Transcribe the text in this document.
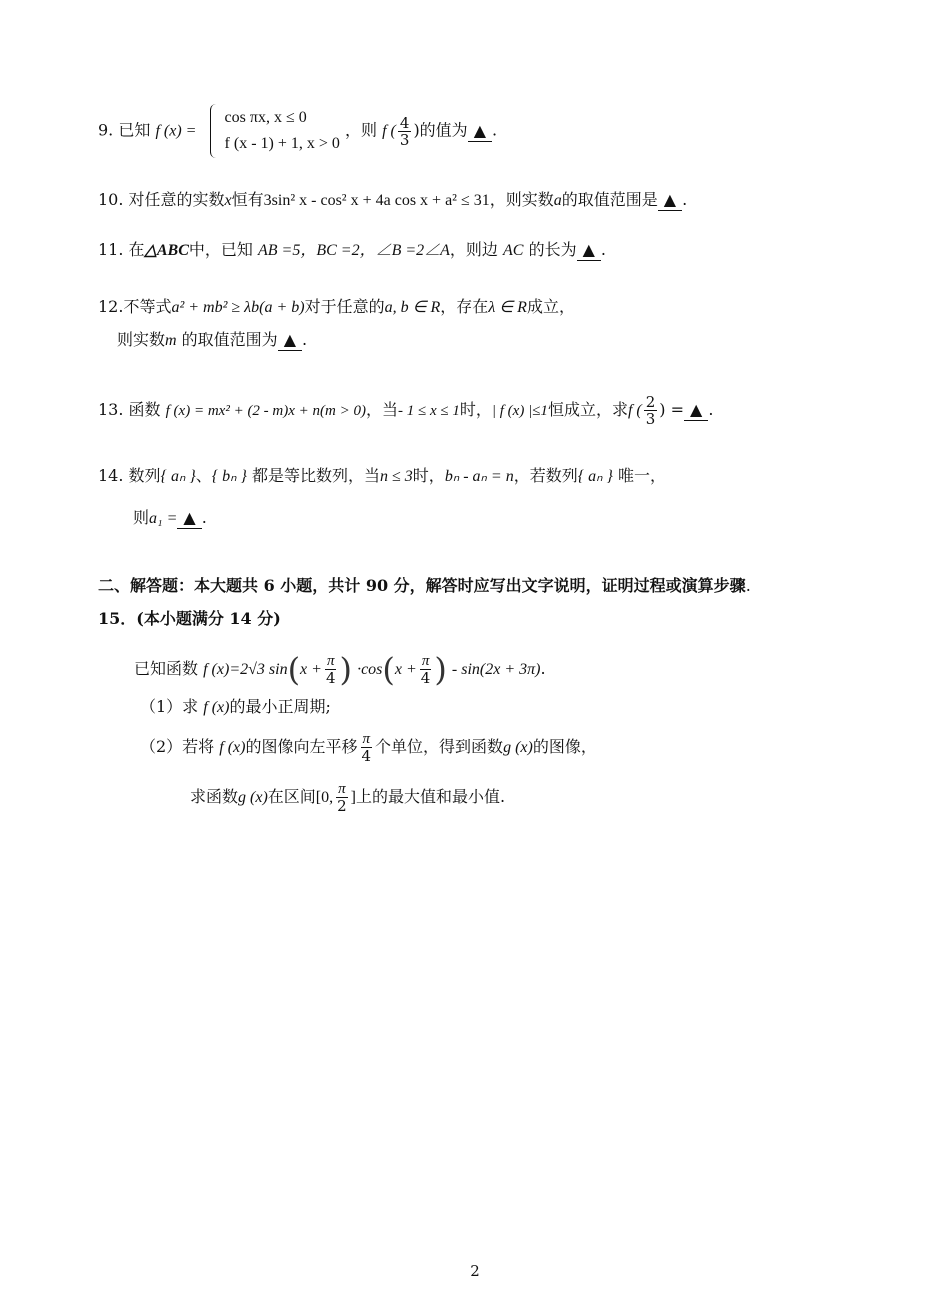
9. 已知 f (x) =
cos πx, x ≤ 0
f (x - 1) + 1, x > 0
，则 f ( $\frac{4}{3}$ )的值为 ▲ .
10. 对任意的实数x恒有3sin² x - cos² x + 4a cos x + a² ≤ 31，则实数a的取值范围是 ▲ .
11. 在△ABC中，已知 AB =5，BC =2，∠B =2∠A，则边 AC 的长为 ▲ .
12.不等式a² + mb² ≥ λb(a + b)对于任意的a, b ∈ R，存在λ ∈ R成立，
则实数m 的取值范围为 ▲ .
13. 函数 f (x) = mx² + (2 - m)x + n(m > 0)，当- 1 ≤ x ≤ 1时，| f (x) |≤1恒成立，求f ( $\frac{2}{3}$ ) = ▲ .
14. 数列{ aₙ }、{ bₙ } 都是等比数列，当n ≤ 3时，bₙ - aₙ = n，若数列{ aₙ } 唯一，
则a₁ = ▲ .
二、解答题：本大题共 6 小题，共计 90 分，解答时应写出文字说明，证明过程或演算步骤.
15．(本小题满分 14 分)
已知函数 f (x)=2√3 $\sin(x + \frac{\pi}{4}$ ) $\cdot\cos(x + \frac{\pi}{4}$ ) - sin(2x + 3π).
（1）求 f (x)的最小正周期;
（2）若将 f (x)的图像向左平移 $\frac{\pi}{4}$ 个单位，得到函数g (x)的图像，
求函数g (x)在区间[0, $\frac{\pi}{2}$ ]上的最大值和最小值.
2
